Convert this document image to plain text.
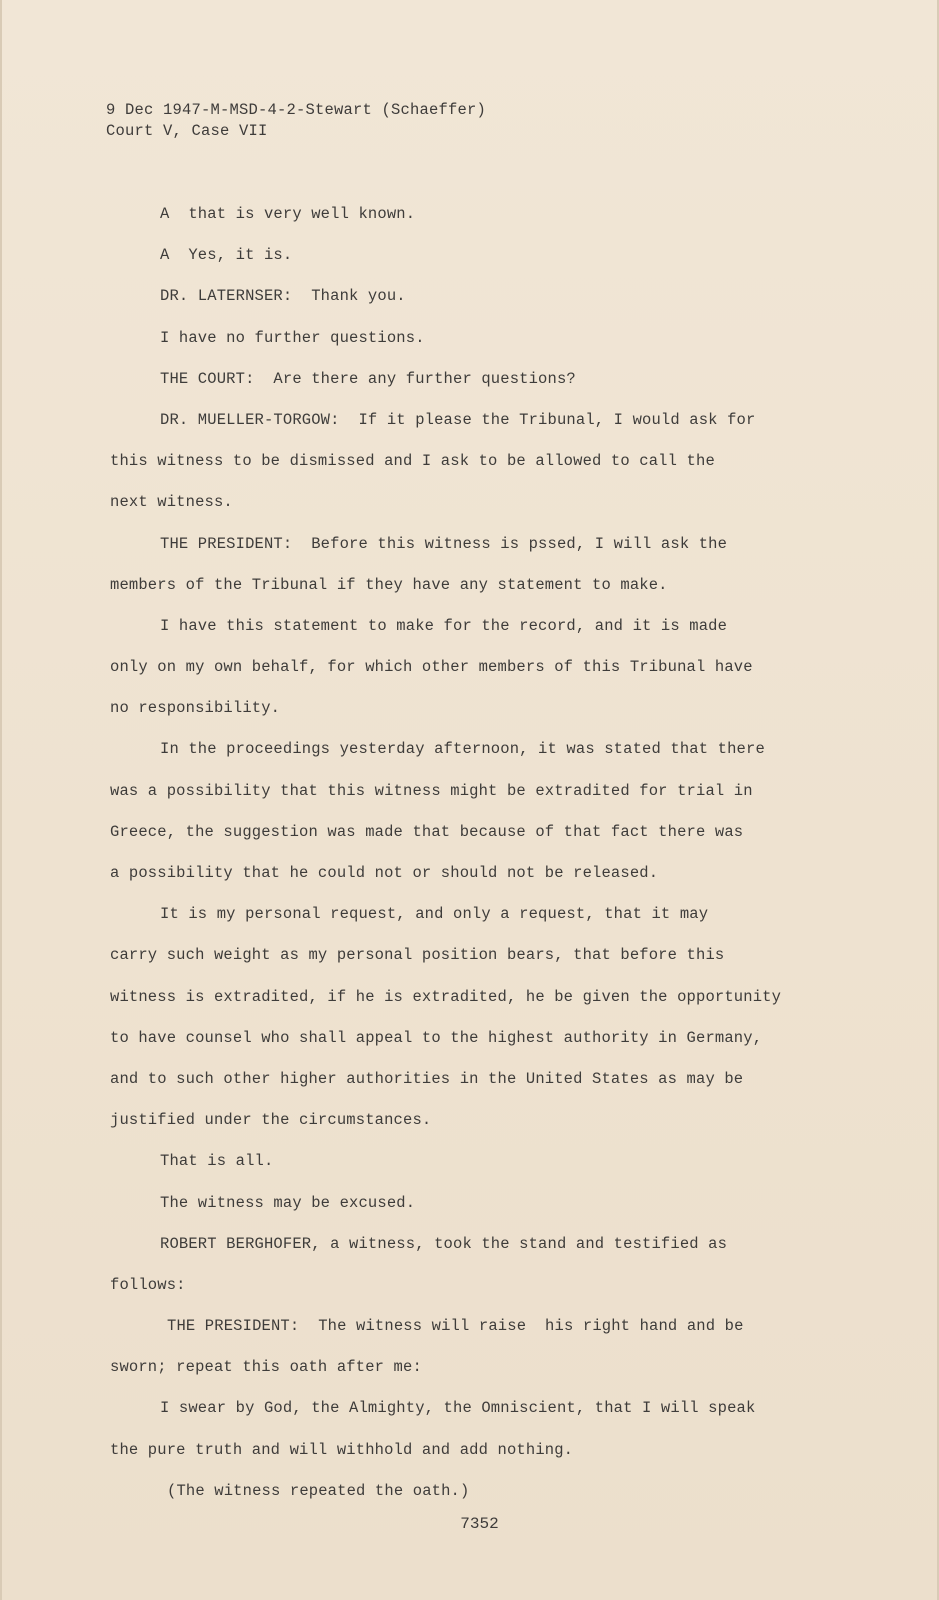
9 Dec 1947-M-MSD-4-2-Stewart (Schaeffer)
Court V, Case VII
A  that is very well known.
A  Yes, it is.
DR. LATERNSER:  Thank you.
I have no further questions.
THE COURT:  Are there any further questions?
DR. MUELLER-TORGOW:  If it please the Tribunal, I would ask for
this witness to be dismissed and I ask to be allowed to call the
next witness.
THE PRESIDENT:  Before this witness is pssed, I will ask the
members of the Tribunal if they have any statement to make.
I have this statement to make for the record, and it is made
only on my own behalf, for which other members of this Tribunal have
no responsibility.
In the proceedings yesterday afternoon, it was stated that there
was a possibility that this witness might be extradited for trial in
Greece, the suggestion was made that because of that fact there was
a possibility that he could not or should not be released.
It is my personal request, and only a request, that it may
carry such weight as my personal position bears, that before this
witness is extradited, if he is extradited, he be given the opportunity
to have counsel who shall appeal to the highest authority in Germany,
and to such other higher authorities in the United States as may be
justified under the circumstances.
That is all.
The witness may be excused.
ROBERT BERGHOFER, a witness, took the stand and testified as
follows:
THE PRESIDENT:  The witness will raise  his right hand and be
sworn; repeat this oath after me:
I swear by God, the Almighty, the Omniscient, that I will speak
the pure truth and will withhold and add nothing.
(The witness repeated the oath.)
7352
